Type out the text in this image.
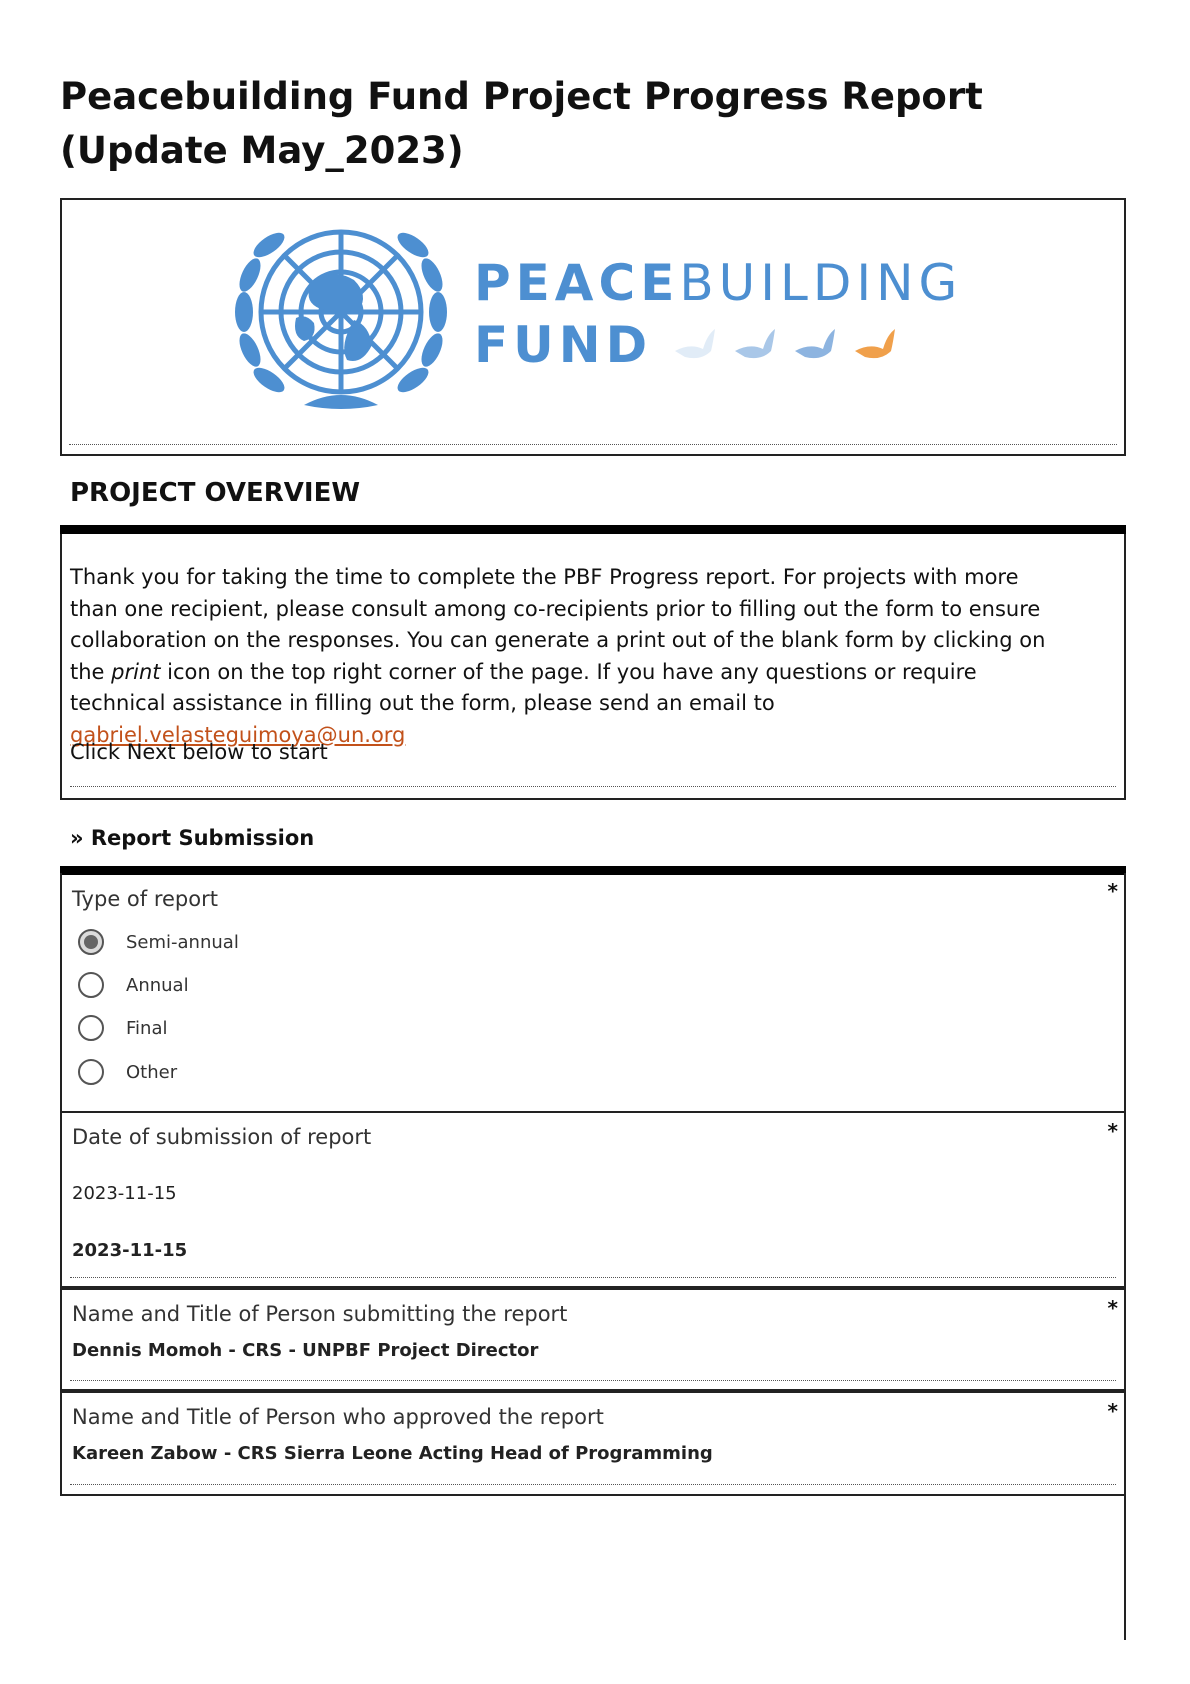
Peacebuilding Fund Project Progress Report (Update May_2023)
PEACEBUILDING
FUND
PROJECT OVERVIEW

Thank you for taking the time to complete the PBF Progress report. For projects with more than one recipient, please consult among co-recipients prior to filling out the form to ensure collaboration on the responses. You can generate a print out of the blank form by clicking on the print icon on the top right corner of the page. If you have any questions or require technical assistance in filling out the form, please send an email to gabriel.velasteguimoya@un.org

Click Next below to start

» Report Submission
*

Type of report

Semi-annual
Annual
Final
Other
*

Date of submission of report

2023-11-15
2023-11-15
*

Name and Title of Person submitting the report

Dennis Momoh - CRS - UNPBF Project Director
*

Name and Title of Person who approved the report

Kareen Zabow - CRS Sierra Leone Acting Head of Programming
